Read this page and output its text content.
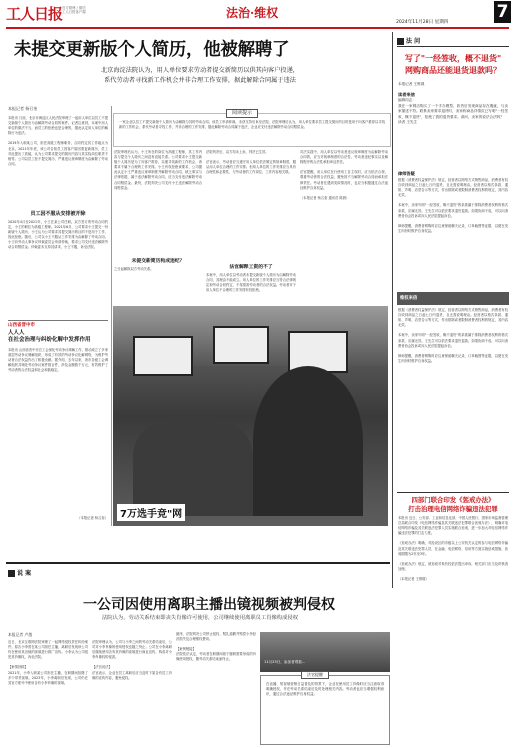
工人日报 官方微博 / 微信
工人日报客户端	法治·维权
2024年11月28日 星期四
7
未提交更新版个人简历，他被解聘了
北京海淀法院认为，用人单位要求劳动者提交新简历以供其向客户投递，
系代劳动者寻找新工作机会并非合理工作安排，据此解除合同属于违法
阅读提示
一家企业以员工不提交新版个人简历为由解除与其的劳动合同。该员工申请仲裁，未获支持后诉至法院。法院审理后认为，用人单位要求员工提交简历的目的是用于向客户推荐以寻找新的工作机会，系代劳动者寻找工作，并非合理的工作安排，据此解除劳动合同属于违法，企业应支付违法解除劳动合同赔偿金。
本报记者 杨召奎
本报讯 日前，北京市海淀区人民法院审理了一起用人单位以员工不提交新版个人简历为由解除劳动合同的案件。记者注意到，本案中用人单位的做法不当，而员工的拒绝也是合理的，据此认定用人单位的解除行为违法。

2019年入职某公司，担任高级工程师职务，合同约定其工作地点为北京。2021年年底，该公司告知员工因客户原因需更新简历，员工对此提出了质疑，认为公司要求提交的简历内容与其实际岗位职责不相符。公司以员工拒不提交简历、严重违反规章制度为由解除了劳动合同。
员工因不服从安排被开除
2020年4月至2021年，小王在某公司任职。双方签订的劳动合同约定，小王的职位为高级工程师。2021年6月，公司要求小王提交一份新版个人简历，小王认为公司要求其提交简历的目的不是用于工作，因此拒绝。随后，公司以小王不服从工作安排为由解除了劳动合同。小王向劳动人事争议仲裁委员会申请仲裁，要求公司支付违法解除劳动合同赔偿金。仲裁委未支持其请求，小王不服，诉至法院。
山西省晋中市
人人人
在社会治理与纠纷化解中发挥作用
本报讯 山西省晋中市总工会深化劳动争议调解工作，推动成立了多家基层劳动争议调解组织，形成了有效的劳动争议化解网络，为维护劳动者合法权益作出了积极贡献。据介绍，去年以来，该市各级工会调解组织共调处劳动争议案件数百件，涉及金额数千万元，有效维护了劳动者的合法权益和社会和谐稳定。
（本报记者 杨召奎）
法院审理后认为，小王所在的岗位为高级工程师，其工作内容与提交个人简历之间没有直接关系。公司要求小王提交新版个人简历是为了向客户推荐，以便寻找新的工作机会，该要求不属于合理的工作安排。小王有权拒绝该要求，公司据此认定小王严重违反规章制度并解除劳动合同，缺乏事实与法律依据，属于违法解除劳动合同，应当支付违法解除劳动合同赔偿金。最终，法院判决公司支付小王违法解除劳动合同赔偿金。
未提交新简历构成违纪？
之日起解除双方劳动关系。
法院判决后，双方均未上诉，判决已生效。

法官表示，劳动者应当遵守用人单位依法制定的规章制度，服从用人单位合理的工作安排。但用人单位的工作安排应当具有合理性和必要性，与劳动者的工作岗位、工作内容相关联。
法官解释工资的不了
本案中，用人单位以劳动者未提交新版个人简历为由解除劳动合同，其理由不能成立。用人单位的工作安排应当符合法律规定和劳动合同约定，不得损害劳动者的合法权益。劳动者对于用人单位不合理的工作安排有权拒绝。
司法实践中，用人单位以劳动者违反规章制度为由解除劳动合同的，应当对规章制度的合法性、劳动者违纪事实以及解除程序的合法性承担举证责任。

法官提醒，用人单位在行使用工自主权时，应当依法合规，尊重劳动者的合法权益，避免因不当解除劳动合同而承担法律责任。劳动者在遇到类似情况时，也应当积极通过合法途径维护自身权益。

（本报记者 杨召奎 通讯员 陈晨）
7万选手竞"网
法 问
写了"一经签收，概不退货"
网购商品还能退货退款吗？
本报记者 王维砚
读者来信
编辑同志：
我在一家网店购买了一个手办模型，收货后发现商品存在瑕疵，与卖家描述不符。联系卖家要求退货时，卖家称商品详情页已写明"一经签收，概不退货"，拒绝了我的退货要求。请问，卖家的说法合法吗？
读者 王先生
律师答疑
根据《消费者权益保护法》规定，经营者以网络方式销售商品，消费者有权自收到商品之日起七日内退货，且无需说明理由。经营者以格式条款、通知、声明、店堂告示等方式，作出排除或者限制消费者权利的规定，其内容无效。

本案中，卖家写明"一经签收，概不退货"的条款属于排除消费者权利的格式条款，应属无效。王先生可以依法要求退货退款。如果协商不成，可以向消费者协会投诉或向人民法院提起诉讼。

律师提醒，消费者网购时应注意保留聊天记录、订单截图等证据，以便在发生纠纷时维护自身权益。
维权来信
根据《消费者权益保护法》规定，经营者以网络方式销售商品，消费者有权自收到商品之日起七日内退货，且无需说明理由。经营者以格式条款、通知、声明、店堂告示等方式，作出排除或者限制消费者权利的规定，其内容无效。

本案中，卖家写明"一经签收，概不退货"的条款属于排除消费者权利的格式条款，应属无效。王先生可以依法要求退货退款。如果协商不成，可以向消费者协会投诉或向人民法院提起诉讼。

律师提醒，消费者网购时应注意保留聊天记录、订单截图等证据，以便在发生纠纷时维护自身权益。
四部门联合印发《惩戒办法》
打击治理电信网络诈骗违法犯罪
本报讯 近日，公安部、工业和信息化部、中国人民银行、国家市场监督管理总局联合印发《电信网络诈骗及其关联违法犯罪联合惩戒办法》，明确对电信网络诈骗及其关联违法犯罪人员实施联合惩戒，进一步加大对电信网络诈骗违法犯罪的打击力度。

《惩戒办法》明确，对经设区的市级以上公安机关认定的参与电信网络诈骗及其关联违法犯罪人员，在金融、电信网络、信用等方面实施惩戒措施，惩戒期限为2年至3年。

《惩戒办法》规定，被惩戒对象有权依法提出申诉，相关部门应当及时核查处理。

（本报记者 王维砚）
说 案
一公司因使用离职主播出镜视频被判侵权
法院认为，劳动关系结束即丧失肖像许可使用，公司继续使用离职员工肖像构成侵权
本报记者 卢越
近日，北京互联网法院审理了一起网络侵权责任纠纷案件。原告小李曾在某公司担任主播，离职后发现该公司仍在使用其出镜的视频进行推广宣传。小李认为公司侵犯其肖像权，诉至法院。

【案情回顾】
2021年，小李入职某公司担任主播，在职期间拍摄了多个带货视频。2023年，小李离职后发现，公司仍在其官方账号中使用含有小李肖像的视频。
法院审理认为，公司与小李之间的劳动关系结束后，公司对小李肖像的使用授权也随之终止。公司在小李离职后继续使用含有其肖像的视频进行商业宣传，构成对小李肖像权的侵害。

【法官说法】
法官表示，企业在员工离职后应当及时下架含有员工肖像的宣传内容，避免侵权。
最终，法院判决公司停止侵权、赔礼道歉并赔偿小李经济损失及合理维权费用。

【案例链接】
法院依法认定，劳动者在职期间基于履职需要形成的肖像使用授权，随劳动关系结束而终止。
11月25日，参加者观看...
法官提醒
在直播、短视频营销日益普及的背景下，企业在使用员工肖像时应当注意取得明确授权，并在劳动关系结束后及时处理相关内容。劳动者也应当增强权利意识，通过合法途径维护自身权益。
